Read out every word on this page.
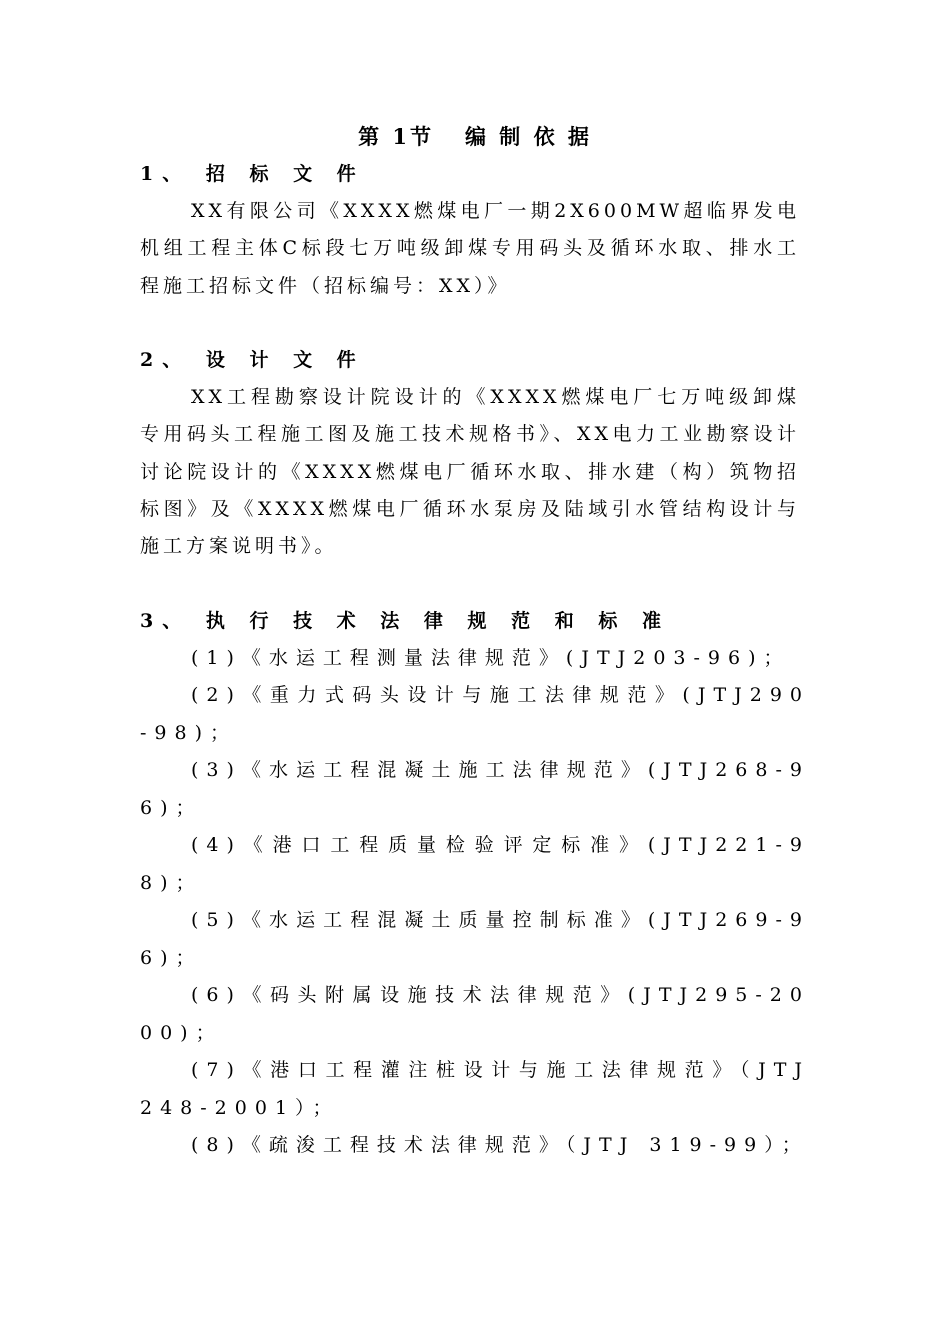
第 1节   编 制 依 据
1、 招 标 文 件
XX有限公司《XXXX燃煤电厂一期2X600MW超临界发电机组工程主体C标段七万吨级卸煤专用码头及循环水取、排水工程施工招标文件（招标编号：XX）》
2、 设 计 文 件
XX工程勘察设计院设计的《XXXX燃煤电厂七万吨级卸煤专用码头工程施工图及施工技术规格书》、XX电力工业勘察设计讨论院设计的《XXXX燃煤电厂循环水取、排水建（构）筑物招标图》及《XXXX燃煤电厂循环水泵房及陆域引水管结构设计与施工方案说明书》。
3、 执 行 技 术 法 律 规 范 和 标 准
(1)《水运工程测量法律规范》(JTJ203-96)；
(2)《重力式码头设计与施工法律规范》(JTJ290-98)；
(3)《水运工程混凝土施工法律规范》(JTJ268-96)；
(4)《港口工程质量检验评定标准》(JTJ221-98)；
(5)《水运工程混凝土质量控制标准》(JTJ269-96)；
(6)《码头附属设施技术法律规范》(JTJ295-2000)；
(7)《港口工程灌注桩设计与施工法律规范》（JTJ 248-2001）；
(8)《疏浚工程技术法律规范》（JTJ 319-99）；
